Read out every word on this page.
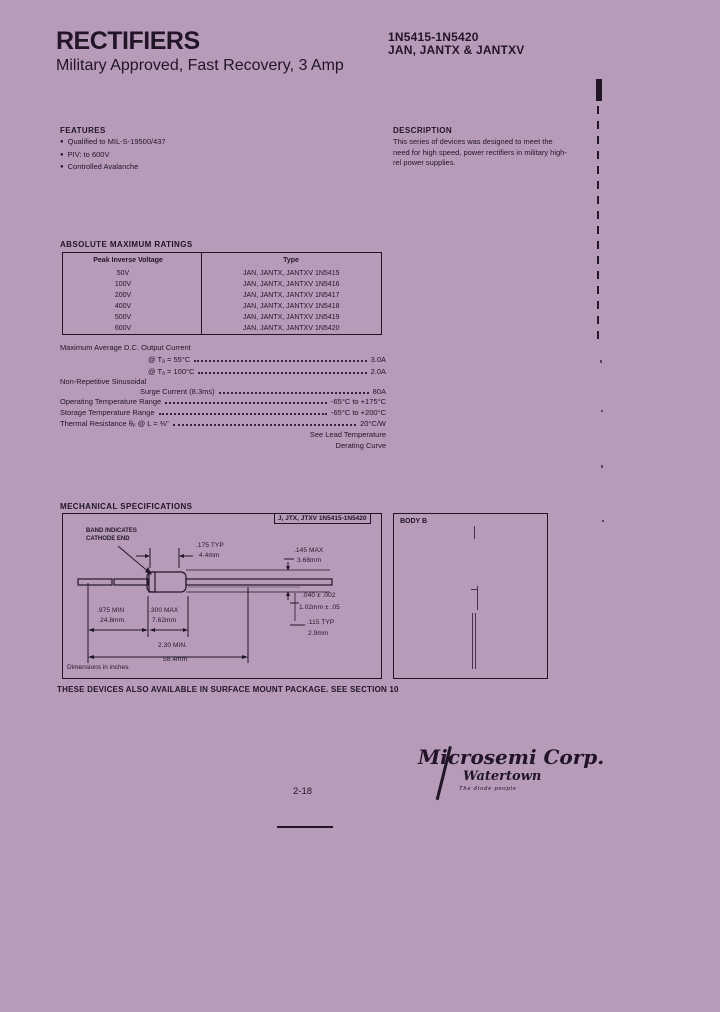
RECTIFIERS
Military Approved, Fast Recovery, 3 Amp
1N5415-1N5420
JAN, JANTX & JANTXV
FEATURES
● Qualified to MIL-S-19500/437
● PIV: to 600V
● Controlled Avalanche
DESCRIPTION
This series of devices was designed to meet the need for high speed, power rectifiers in military high-rel power supplies.
ABSOLUTE MAXIMUM RATINGS
Peak Inverse Voltage	Type
50V	JAN, JANTX, JANTXV 1N5415
100V	JAN, JANTX, JANTXV 1N5416
200V	JAN, JANTX, JANTXV 1N5417
400V	JAN, JANTX, JANTXV 1N5418
500V	JAN, JANTX, JANTXV 1N5419
600V	JAN, JANTX, JANTXV 1N5420
Maximum Average D.C. Output Current
@ Tₐ = 55°C	3.0A
@ Tₐ = 100°C	2.0A
Non-Repetitive Sinusoidal
Surge Current (8.3ms)	80A
Operating Temperature Range	-65°C to +175°C
Storage Temperature Range	-65°C to +200°C
Thermal Resistance θⱼₗ @ L = ⅜"	20°C/W
See Lead Temperature
Derating Curve
MECHANICAL SPECIFICATIONS
J, JTX, JTXV 1N5415-1N5420
BAND INDICATES
CATHODE END
.175 TYP
4.4mm
.145 MAX
3.68mm
.040 ± .002
1.02mm ± .05
.115 TYP
2.9mm
.975 MIN
24.8mm
.300 MAX
7.62mm
2.30 MIN.
58.4mm
Dimensions in inches.
BODY B
THESE DEVICES ALSO AVAILABLE IN SURFACE MOUNT PACKAGE. SEE SECTION 10
Microsemi Corp.
Watertown
The diode people
2-18
